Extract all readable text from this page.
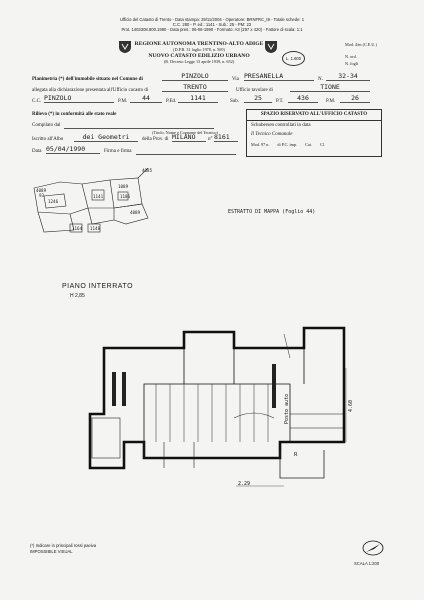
Ufficio del Catasto di Trento - Data stampa: 29/11/2004 - Operatore: BRNFRC_t9 - Totale schede: 1
C.C. 280 - P. ed.: 1141 - Sub.: 25 - PM: 23
Prot. 1403308.800.1990 - Data pres.: 06-06-1990 - Formato: A3 (297 x 420) - Fattore di scala: 1:1
REGIONE AUTONOMA TRENTINO-ALTO ADIGE
(D.P.R. 31 luglio 1978, n. 569)
NUOVO CATASTO EDILIZIO URBANO
(R. Decreto Legge 13 aprile 1939, n. 652)
L. 1.600
Mod. 4/m (C.E.U.)
N. ord.
N. fogli
Planimetria (*) dell'immobile situato nel Comune di	PINZOLO	Via PRESANELLA	N.	32-34
allegata alla dichiarazione presentata all'Ufficio cacasto di	TRENTO	Ufficio tavolare di	TIONE
C.C. PINZOLO	P.M.	44	P.Ed.	1141	Sub.	25	P.T.	436	P.M.	26
Rilievo (*) in conformità alle stato reale
Compilato dal
(Titolo, Nome e Cognome del Tecnico)
Iscritto all'Albo	dei Geometri	della Prov. di MILANO	n° 8161
Data 05/04/1990	Firma e firma
SPAZIO RISERVATO ALL'UFFICIO CATASTO
Schubersen controllati in data
Il Tecnico Comunale
Mod. 97 n. di P.C. imp. Cat. Cl.
4089
93	1141
1246
1164 1148
1089
1186
4085
4089	ESTRATTO DI MAPPA (Foglio 44)
PIANO INTERRATO
H 2,85
4.60
2.29
Posto auto
R
(*) Indicare in principali rossi paeiva
IMPOSSIBILE VISUAL
SCALA 1:200
